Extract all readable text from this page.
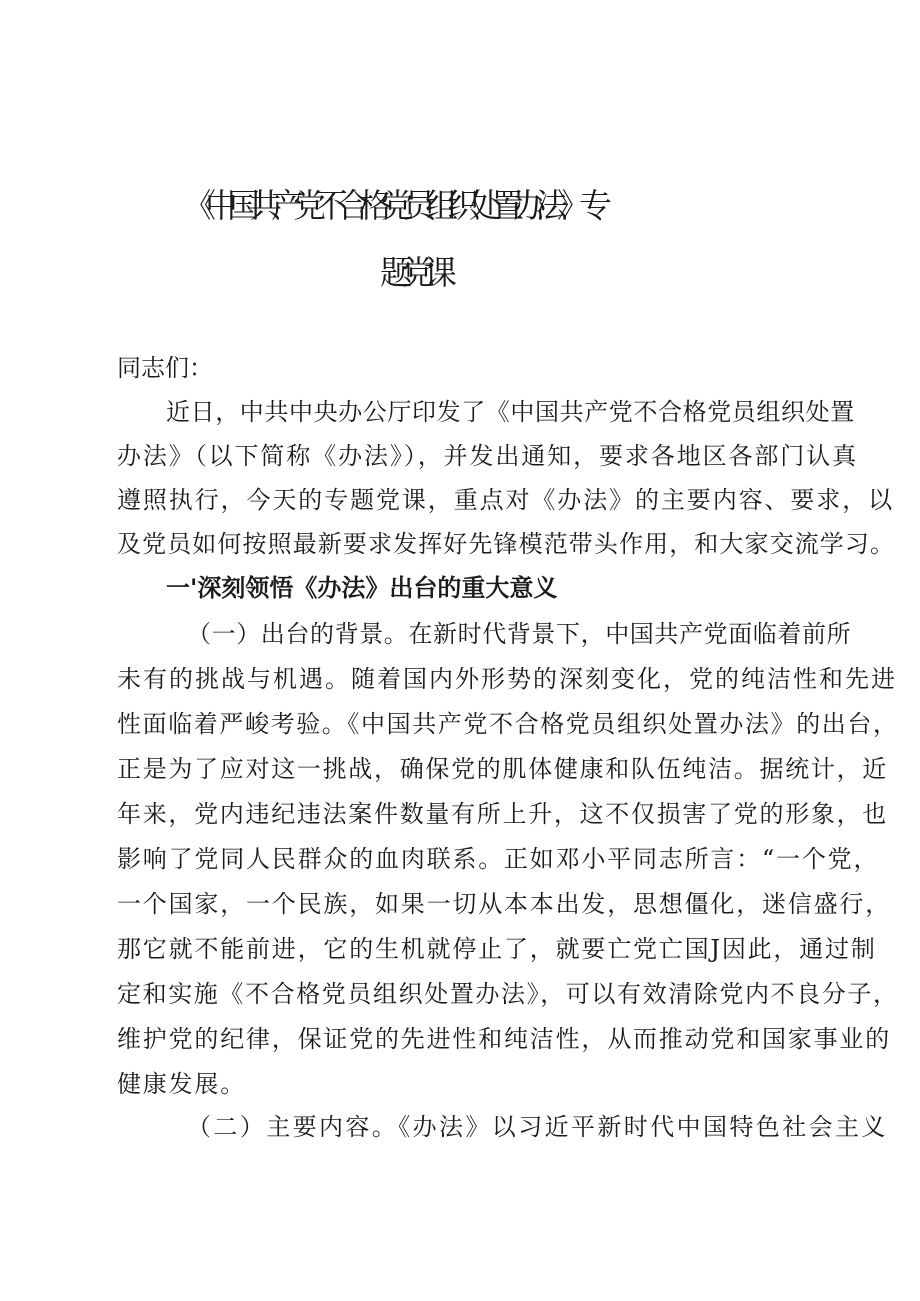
《中国共产党不合格党员组织处置办法》专
题党课

同志们：

近日，中共中央办公厅印发了《中国共产党不合格党员组织处置

办法》（以下简称《办法》），并发出通知，要求各地区各部门认真

遵照执行，今天的专题党课，重点对《办法》的主要内容、要求，以

及党员如何按照最新要求发挥好先锋模范带头作用，和大家交流学习。

一'深刻领悟《办法》出台的重大意义

（一）出台的背景。在新时代背景下，中国共产党面临着前所

未有的挑战与机遇。随着国内外形势的深刻变化，党的纯洁性和先进

性面临着严峻考验。《中国共产党不合格党员组织处置办法》的出台，

正是为了应对这一挑战，确保党的肌体健康和队伍纯洁。据统计，近

年来，党内违纪违法案件数量有所上升，这不仅损害了党的形象，也

影响了党同人民群众的血肉联系。正如邓小平同志所言：“一个党，

一个国家，一个民族，如果一切从本本出发，思想僵化，迷信盛行，

那它就不能前进，它的生机就停止了，就要亡党亡国J因此，通过制

定和实施《不合格党员组织处置办法》，可以有效清除党内不良分子，

维护党的纪律，保证党的先进性和纯洁性，从而推动党和国家事业的

健康发展。

（二）主要内容。《办法》以习近平新时代中国特色社会主义
